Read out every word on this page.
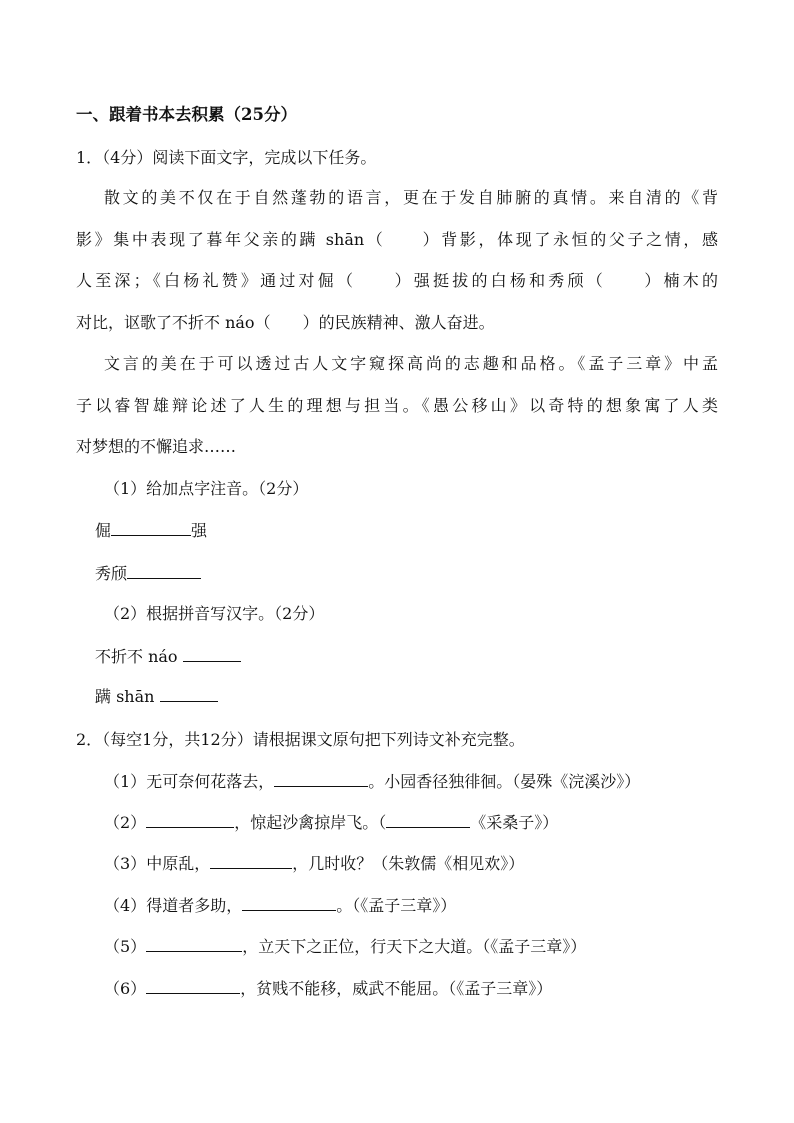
一、跟着书本去积累（25分）
1．（4分）阅读下面文字，完成以下任务。
散文的美不仅在于自然蓬勃的语言，更在于发自肺腑的真情。来自清的《背
影》集中表现了暮年父亲的蹒 shān（　　）背影，体现了永恒的父子之情，感
人至深；《白杨礼赞》通过对倔（　　）强挺拔的白杨和秀颀（　　）楠木的
对比，讴歌了不折不 náo（　　）的民族精神、激人奋进。
文言的美在于可以透过古人文字窥探高尚的志趣和品格。《孟子三章》中孟
子以睿智雄辩论述了人生的理想与担当。《愚公移山》以奇特的想象寓了人类
对梦想的不懈追求……
（1）给加点字注音。（2分）
倔	强
秀颀
（2）根据拼音写汉字。（2分）
不折不 náo
蹒 shān
2．（每空1分，共12分）请根据课文原句把下列诗文补充完整。
（1）无可奈何花落去，	。小园香径独徘徊。（晏殊《浣溪沙》）
（2）	，惊起沙禽掠岸飞。（	《采桑子》）
（3）中原乱，	，几时收？（朱敦儒《相见欢》）
（4）得道者多助，	。（《孟子三章》）
（5）	，立天下之正位，行天下之大道。（《孟子三章》）
（6）	，贫贱不能移，威武不能屈。（《孟子三章》）
